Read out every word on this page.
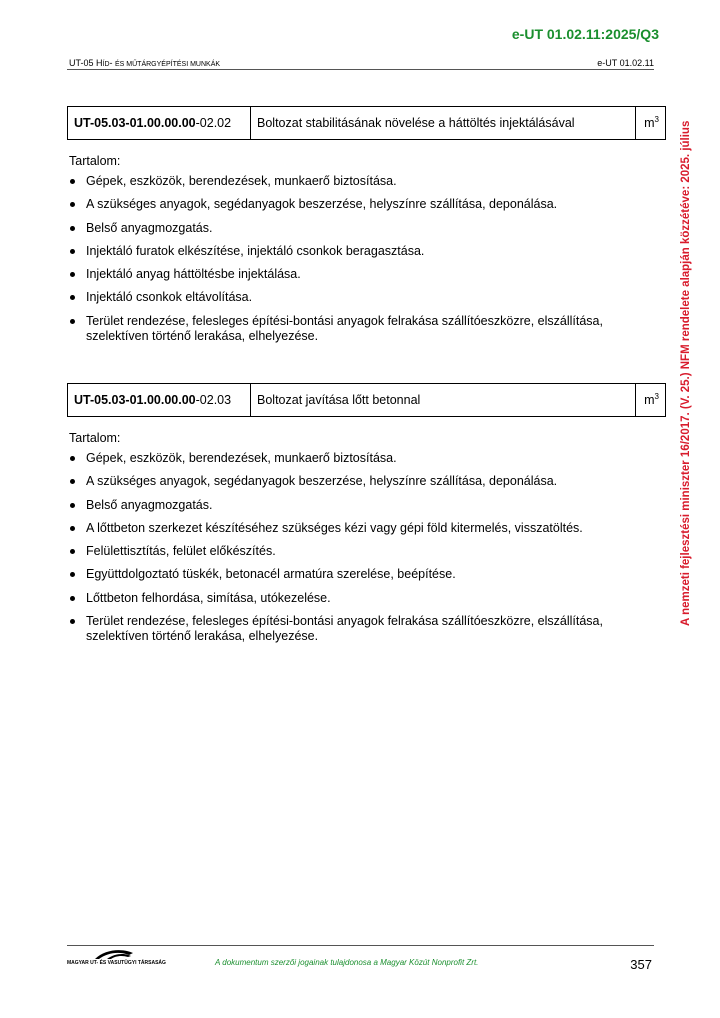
e-UT 01.02.11:2025/Q3
UT-05 HÍD- ÉS MŰTÁRGYÉPÍTÉSI MUNKÁK	e-UT 01.02.11
A nemzeti fejlesztési miniszter 16/2017. (V. 25.) NFM rendelete alapján közzétéve: 2025. július
UT-05.03-01.00.00.00-02.02	Boltozat stabilitásának növelése a háttöltés injektálásával	$m^3$

Tartalom:

Gépek, eszközök, berendezések, munkaerő biztosítása.
A szükséges anyagok, segédanyagok beszerzése, helyszínre szállítása, deponálása.
Belső anyagmozgatás.
Injektáló furatok elkészítése, injektáló csonkok beragasztása.
Injektáló anyag háttöltésbe injektálása.
Injektáló csonkok eltávolítása.
Terület rendezése, felesleges építési-bontási anyagok felrakása szállítóeszközre, elszállítása, szelektíven történő lerakása, elhelyezése.
UT-05.03-01.00.00.00-02.03	Boltozat javítása lőtt betonnal	$m^3$

Tartalom:

Gépek, eszközök, berendezések, munkaerő biztosítása.
A szükséges anyagok, segédanyagok beszerzése, helyszínre szállítása, deponálása.
Belső anyagmozgatás.
A lőttbeton szerkezet készítéséhez szükséges kézi vagy gépi föld kitermelés, visszatöltés.
Felülettisztítás, felület előkészítés.
Együttdolgoztató tüskék, betonacél armatúra szerelése, beépítése.
Lőttbeton felhordása, simítása, utókezelése.
Terület rendezése, felesleges építési-bontási anyagok felrakása szállítóeszközre, elszállítása, szelektíven történő lerakása, elhelyezése.
MAGYAR UT- ÉS VASUTÜGYI TÁRSASÁG	A dokumentum szerzői jogainak tulajdonosa a Magyar Közút Nonprofit Zrt.	357
